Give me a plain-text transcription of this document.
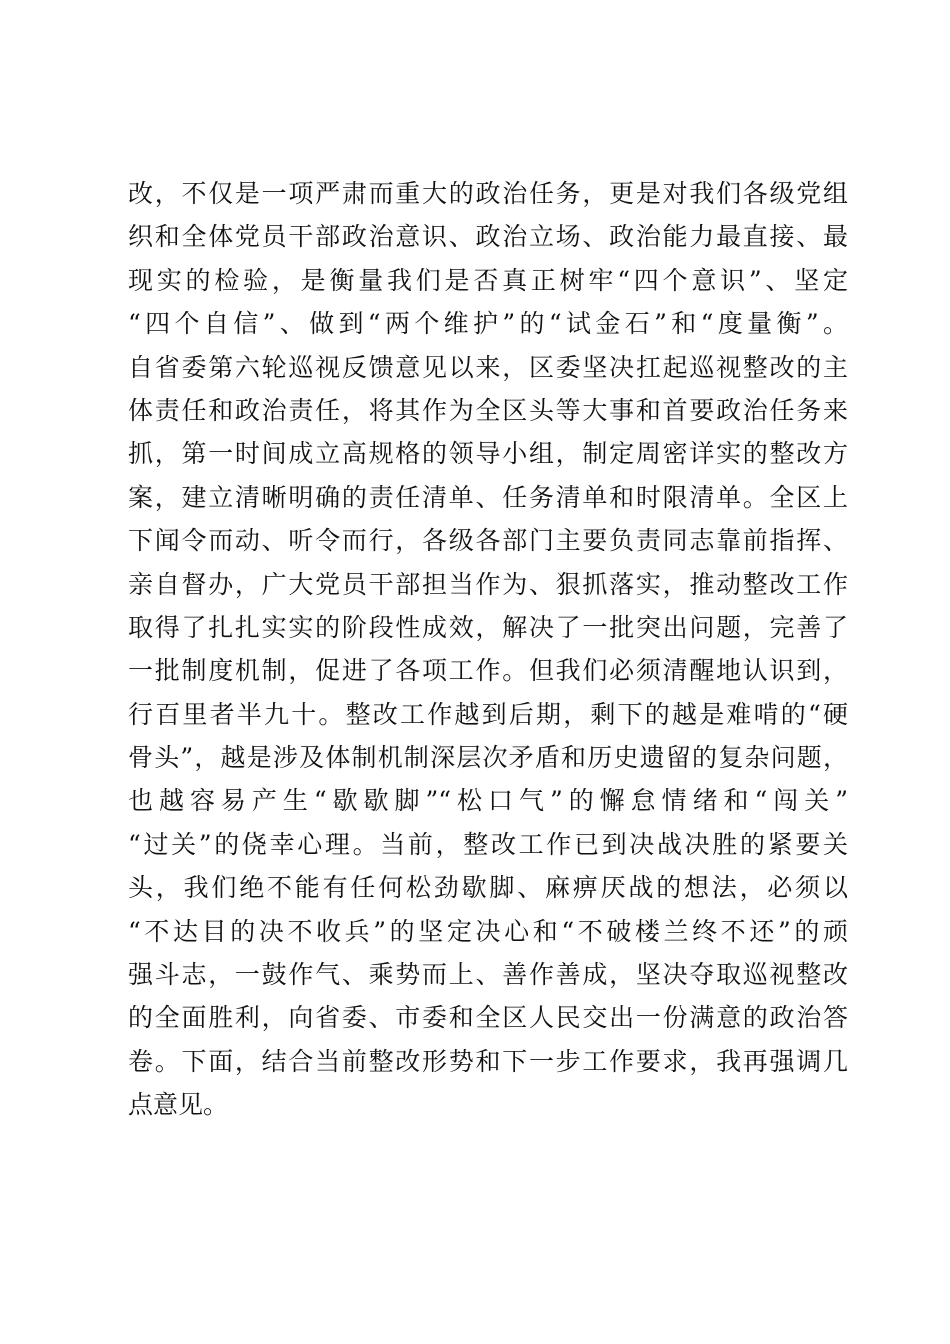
改，不仅是一项严肃而重大的政治任务，更是对我们各级党组
织和全体党员干部政治意识、政治立场、政治能力最直接、最
现实的检验，是衡量我们是否真正树牢“四个意识”、坚定
“四个自信”、做到“两个维护”的“试金石”和“度量衡”。
自省委第六轮巡视反馈意见以来，区委坚决扛起巡视整改的主
体责任和政治责任，将其作为全区头等大事和首要政治任务来
抓，第一时间成立高规格的领导小组，制定周密详实的整改方
案，建立清晰明确的责任清单、任务清单和时限清单。全区上
下闻令而动、听令而行，各级各部门主要负责同志靠前指挥、
亲自督办，广大党员干部担当作为、狠抓落实，推动整改工作
取得了扎扎实实的阶段性成效，解决了一批突出问题，完善了
一批制度机制，促进了各项工作。但我们必须清醒地认识到，
行百里者半九十。整改工作越到后期，剩下的越是难啃的“硬
骨头”，越是涉及体制机制深层次矛盾和历史遗留的复杂问题，
也越容易产生“歇歇脚”“松口气”的懈怠情绪和“闯关”
“过关”的侥幸心理。当前，整改工作已到决战决胜的紧要关
头，我们绝不能有任何松劲歇脚、麻痹厌战的想法，必须以
“不达目的决不收兵”的坚定决心和“不破楼兰终不还”的顽
强斗志，一鼓作气、乘势而上、善作善成，坚决夺取巡视整改
的全面胜利，向省委、市委和全区人民交出一份满意的政治答
卷。下面，结合当前整改形势和下一步工作要求，我再强调几
点意见。
